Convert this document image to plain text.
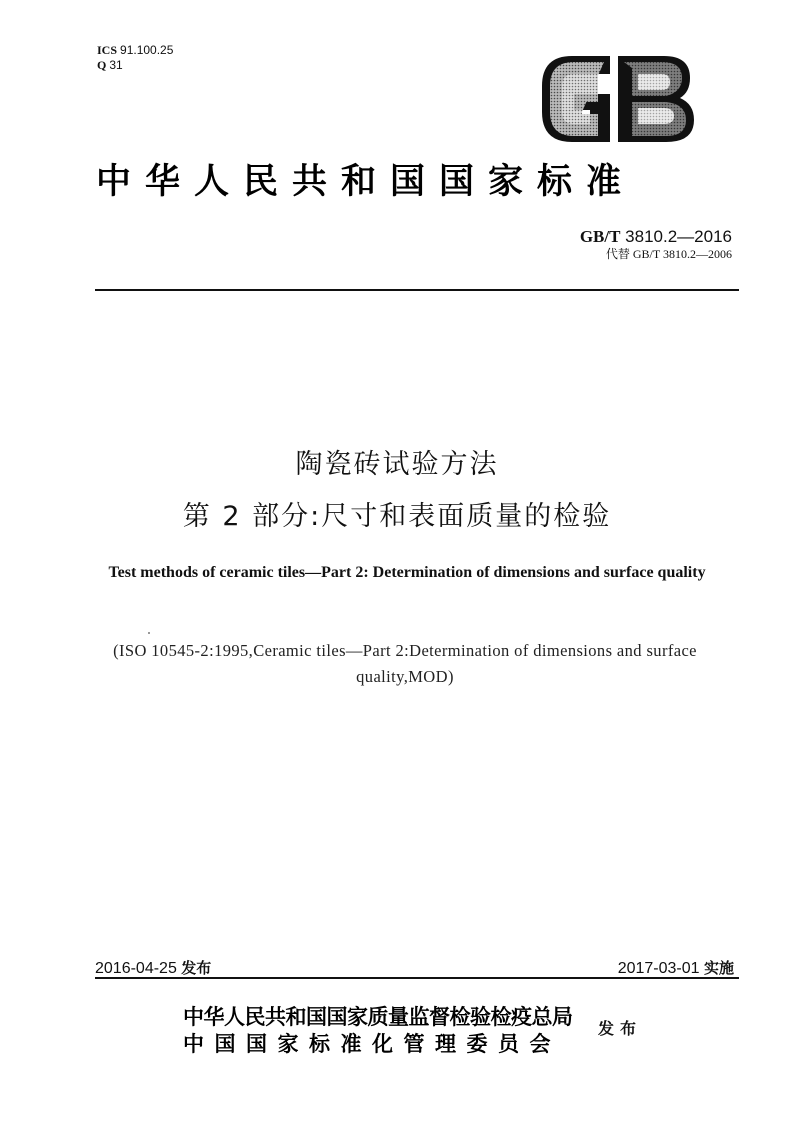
ICS 91.100.25
Q 31
中华人民共和国国家标准
GB/T 3810.2—2016
代替 GB/T 3810.2—2006
陶瓷砖试验方法
第 2 部分:尺寸和表面质量的检验
Test methods of ceramic tiles—Part 2: Determination of dimensions and surface quality
(ISO 10545-2:1995,Ceramic tiles—Part 2:Determination of dimensions and surface quality,MOD)
2016-04-25 发布	2017-03-01 实施
中华人民共和国国家质量监督检验检疫总局
中国国家标准化管理委员会
发布
